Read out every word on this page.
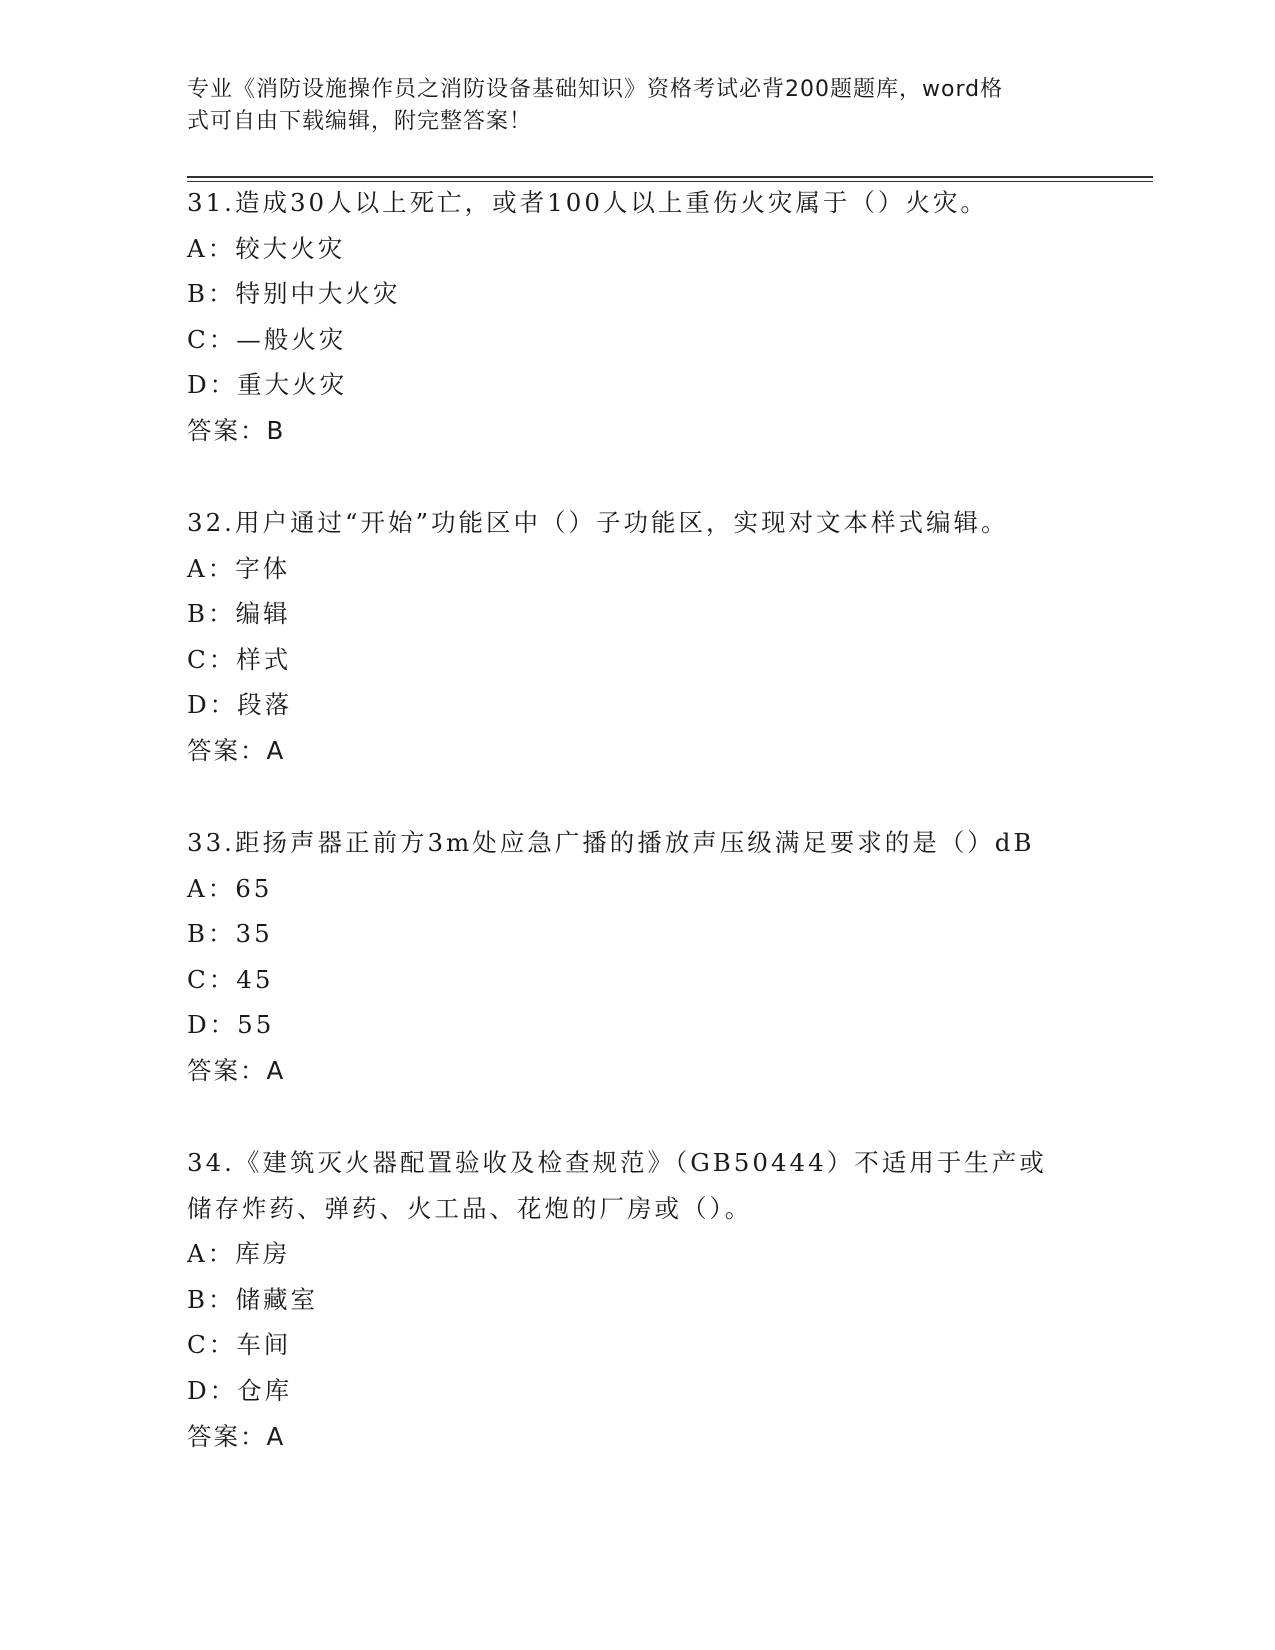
专业《消防设施操作员之消防设备基础知识》资格考试必背200题题库，word格
式可自由下载编辑，附完整答案！
31.造成30人以上死亡，或者100人以上重伤火灾属于（）火灾。
A：较大火灾
B：特别中大火灾
C：—般火灾
D：重大火灾
答案：B
32.用户通过“开始”功能区中（）子功能区，实现对文本样式编辑。
A：字体
B：编辑
C：样式
D：段落
答案：A
33.距扬声器正前方3m处应急广播的播放声压级满足要求的是（）dB
A：65
B：35
C：45
D：55
答案：A
34.《建筑灭火器配置验收及检查规范》（GB50444）不适用于生产或
储存炸药、弹药、火工品、花炮的厂房或（）。
A：库房
B：储藏室
C：车间
D：仓库
答案：A
